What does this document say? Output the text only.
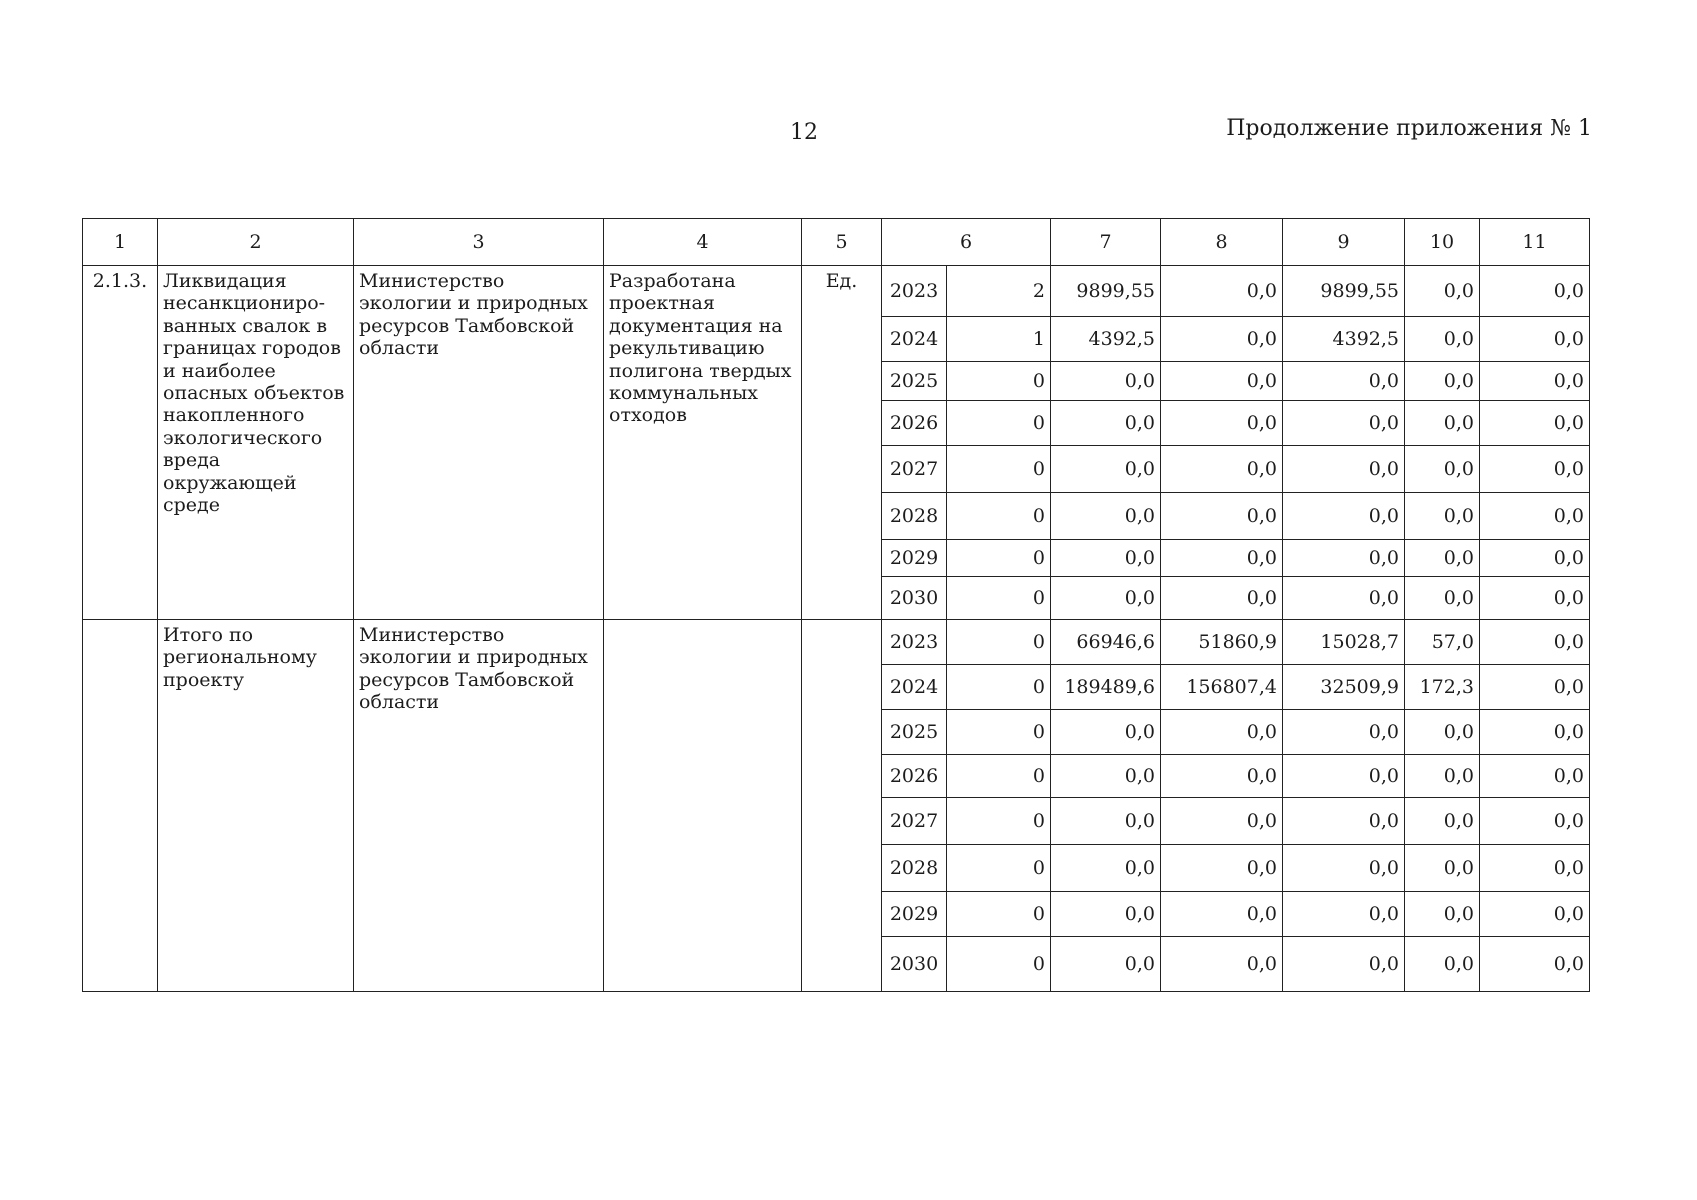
12	Продолжение приложения № 1
1	2	3	4	5	6		7	8	9	10	11
2.1.3.	Ликвидация несанкциониро-ванных свалок в границах городов и наиболее опасных объектов накопленного экологического вреда окружающей среде	Министерство экологии и природных ресурсов Тамбовской области	Разработана проектная документация на рекультивацию полигона твердых коммунальных отходов	Ед.	2023	2	9899,55	0,0	9899,55	0,0	0,0
					2024	1	4392,5	0,0	4392,5	0,0	0,0
					2025	0	0,0	0,0	0,0	0,0	0,0
					2026	0	0,0	0,0	0,0	0,0	0,0
					2027	0	0,0	0,0	0,0	0,0	0,0
					2028	0	0,0	0,0	0,0	0,0	0,0
					2029	0	0,0	0,0	0,0	0,0	0,0
					2030	0	0,0	0,0	0,0	0,0	0,0
	Итого по региональному проекту	Министерство экологии и природных ресурсов Тамбовской области			2023	0	66946,6	51860,9	15028,7	57,0	0,0
					2024	0	189489,6	156807,4	32509,9	172,3	0,0
					2025	0	0,0	0,0	0,0	0,0	0,0
					2026	0	0,0	0,0	0,0	0,0	0,0
					2027	0	0,0	0,0	0,0	0,0	0,0
					2028	0	0,0	0,0	0,0	0,0	0,0
					2029	0	0,0	0,0	0,0	0,0	0,0
					2030	0	0,0	0,0	0,0	0,0	0,0
